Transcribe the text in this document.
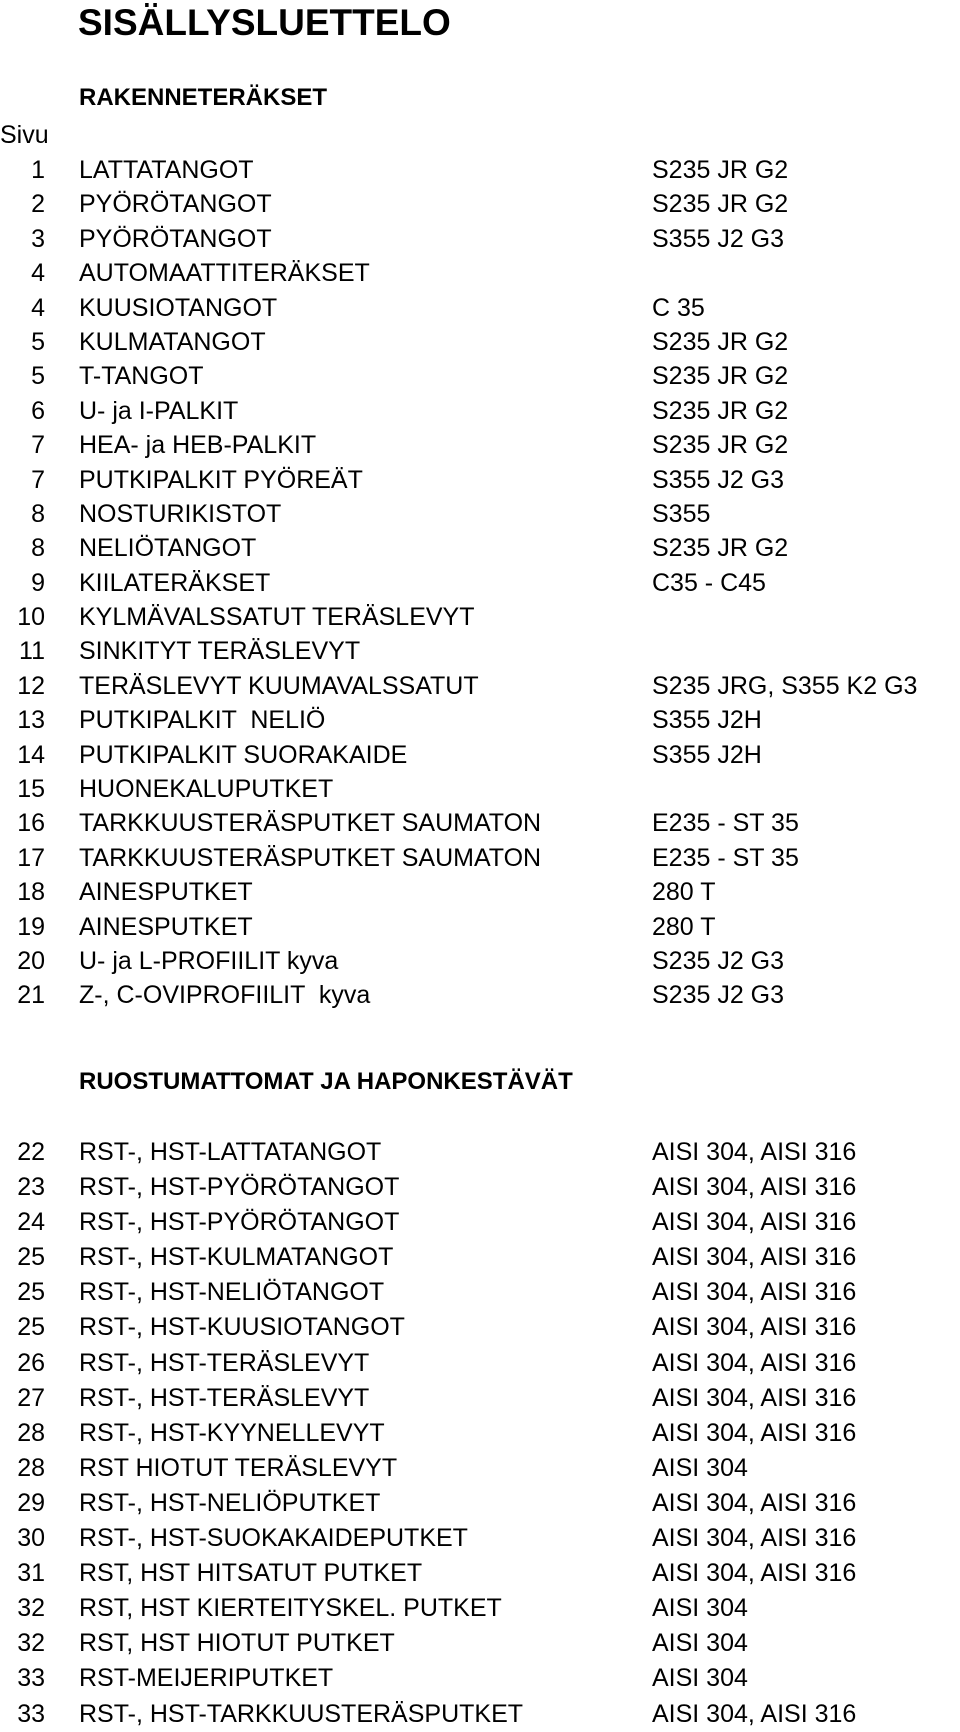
SISÄLLYSLUETTELO
RAKENNETERÄKSET
Sivu
1 LATTATANGOT	S235 JR G2
2 PYÖRÖTANGOT	S235 JR G2
3 PYÖRÖTANGOT	S355 J2 G3
4 AUTOMAATTITERÄKSET
4 KUUSIOTANGOT	C 35
5 KULMATANGOT	S235 JR G2
5 T-TANGOT	S235 JR G2
6 U- ja I-PALKIT	S235 JR G2
7 HEA- ja HEB-PALKIT	S235 JR G2
7 PUTKIPALKIT PYÖREÄT	S355 J2 G3
8 NOSTURIKISTOT	S355
8 NELIÖTANGOT	S235 JR G2
9 KIILATERÄKSET	C35 - C45
10 KYLMÄVALSSATUT TERÄSLEVYT
11 SINKITYT TERÄSLEVYT
12 TERÄSLEVYT KUUMAVALSSATUT	S235 JRG, S355 K2 G3
13 PUTKIPALKIT  NELIÖ	S355 J2H
14 PUTKIPALKIT SUORAKAIDE	S355 J2H
15 HUONEKALUPUTKET
16 TARKKUUSTERÄSPUTKET SAUMATON	E235 - ST 35
17 TARKKUUSTERÄSPUTKET SAUMATON	E235 - ST 35
18 AINESPUTKET	280 T
19 AINESPUTKET	280 T
20 U- ja L-PROFIILIT kyva	S235 J2 G3
21 Z-, C-OVIPROFIILIT  kyva	S235 J2 G3
RUOSTUMATTOMAT JA HAPONKESTÄVÄT
22 RST-, HST-LATTATANGOT	AISI 304, AISI 316
23 RST-, HST-PYÖRÖTANGOT	AISI 304, AISI 316
24 RST-, HST-PYÖRÖTANGOT	AISI 304, AISI 316
25 RST-, HST-KULMATANGOT	AISI 304, AISI 316
25 RST-, HST-NELIÖTANGOT	AISI 304, AISI 316
25 RST-, HST-KUUSIOTANGOT	AISI 304, AISI 316
26 RST-, HST-TERÄSLEVYT	AISI 304, AISI 316
27 RST-, HST-TERÄSLEVYT	AISI 304, AISI 316
28 RST-, HST-KYYNELLEVYT	AISI 304, AISI 316
28 RST HIOTUT TERÄSLEVYT	AISI 304
29 RST-, HST-NELIÖPUTKET	AISI 304, AISI 316
30 RST-, HST-SUOKAKAIDEPUTKET	AISI 304, AISI 316
31 RST, HST HITSATUT PUTKET	AISI 304, AISI 316
32 RST, HST KIERTEITYSKEL. PUTKET	AISI 304
32 RST, HST HIOTUT PUTKET	AISI 304
33 RST-MEIJERIPUTKET	AISI 304
33 RST-, HST-TARKKUUSTERÄSPUTKET	AISI 304, AISI 316
